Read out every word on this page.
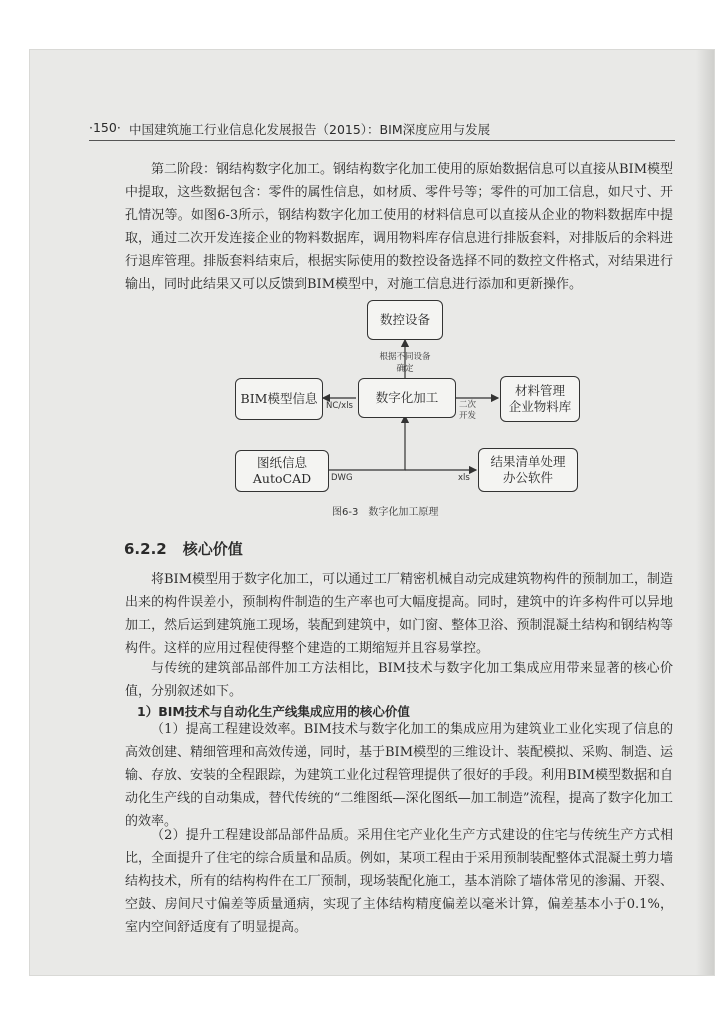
·150· 中国建筑施工行业信息化发展报告（2015）：BIM深度应用与发展
第二阶段：钢结构数字化加工。钢结构数字化加工使用的原始数据信息可以直接从BIM模型中提取，这些数据包含：零件的属性信息，如材质、零件号等；零件的可加工信息，如尺寸、开孔情况等。如图6-3所示，钢结构数字化加工使用的材料信息可以直接从企业的物料数据库中提取，通过二次开发连接企业的物料数据库，调用物料库存信息进行排版套料，对排版后的余料进行退库管理。排版套料结束后，根据实际使用的数控设备选择不同的数控文件格式，对结果进行输出，同时此结果又可以反馈到BIM模型中，对施工信息进行添加和更新操作。
数控设备
数字化加工
BIM模型信息
材料管理
企业物料库
图纸信息
AutoCAD
结果清单处理
办公软件
根据不同设备
确定
NC/xls	二次
开发
DWG	xls
图6-3　数字化加工原理
6.2.2 核心价值
将BIM模型用于数字化加工，可以通过工厂精密机械自动完成建筑物构件的预制加工，制造出来的构件误差小，预制构件制造的生产率也可大幅度提高。同时，建筑中的许多构件可以异地加工，然后运到建筑施工现场，装配到建筑中，如门窗、整体卫浴、预制混凝土结构和钢结构等构件。这样的应用过程使得整个建造的工期缩短并且容易掌控。
与传统的建筑部品部件加工方法相比，BIM技术与数字化加工集成应用带来显著的核心价值，分别叙述如下。
1）BIM技术与自动化生产线集成应用的核心价值
（1）提高工程建设效率。BIM技术与数字化加工的集成应用为建筑业工业化实现了信息的高效创建、精细管理和高效传递，同时，基于BIM模型的三维设计、装配模拟、采购、制造、运输、存放、安装的全程跟踪，为建筑工业化过程管理提供了很好的手段。利用BIM模型数据和自动化生产线的自动集成，替代传统的“二维图纸—深化图纸—加工制造”流程，提高了数字化加工的效率。
（2）提升工程建设部品部件品质。采用住宅产业化生产方式建设的住宅与传统生产方式相比，全面提升了住宅的综合质量和品质。例如，某项工程由于采用预制装配整体式混凝土剪力墙结构技术，所有的结构构件在工厂预制，现场装配化施工，基本消除了墙体常见的渗漏、开裂、空鼓、房间尺寸偏差等质量通病，实现了主体结构精度偏差以毫米计算，偏差基本小于0.1%，室内空间舒适度有了明显提高。
